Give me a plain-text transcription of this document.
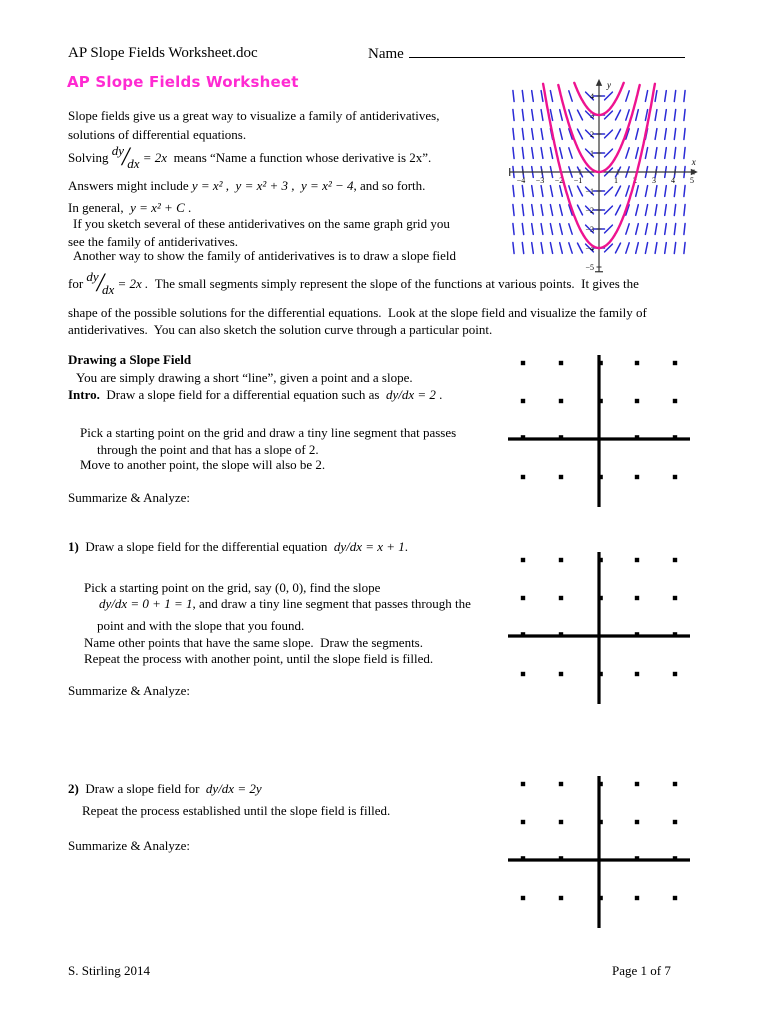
AP Slope Fields Worksheet.doc	Name
AP Slope Fields Worksheet
Slope fields give us a great way to visualize a family of antiderivatives,
solutions of differential equations.
Solving dy
/
dx = 2x means “Name a function whose derivative is 2x”.
Answers might include y = x² ,  y = x² + 3 ,  y = x² − 4, and so forth.
In general,  y = x² + C .
If you sketch several of these antiderivatives on the same graph grid you
see the family of antiderivatives.
Another way to show the family of antiderivatives is to draw a slope field
for dy
/
dx = 2x . The small segments simply represent the slope of the functions at various points.  It gives the
shape of the possible solutions for the differential equations.  Look at the slope field and visualize the family of
antiderivatives.  You can also sketch the solution curve through a particular point.
−4 −3 −2 −1	1 2 3 4 5
−5
−4
−3
−2
−1
1
2
3
4
x
y
Drawing a Slope Field
You are simply drawing a short “line”, given a point and a slope.
Intro. Draw a slope field for a differential equation such as dy/dx = 2 .
Pick a starting point on the grid and draw a tiny line segment that passes
through the point and that has a slope of 2.
Move to another point, the slope will also be 2.
Summarize & Analyze:
1) Draw a slope field for the differential equation dy/dx = x + 1 .
Pick a starting point on the grid, say (0, 0), find the slope
dy/dx = 0 + 1 = 1 , and draw a tiny line segment that passes through the
point and with the slope that you found.
Name other points that have the same slope.  Draw the segments.
Repeat the process with another point, until the slope field is filled.
Summarize & Analyze:
2) Draw a slope field for dy/dx = 2y
Repeat the process established until the slope field is filled.
Summarize & Analyze:
S. Stirling 2014	Page 1 of 7
